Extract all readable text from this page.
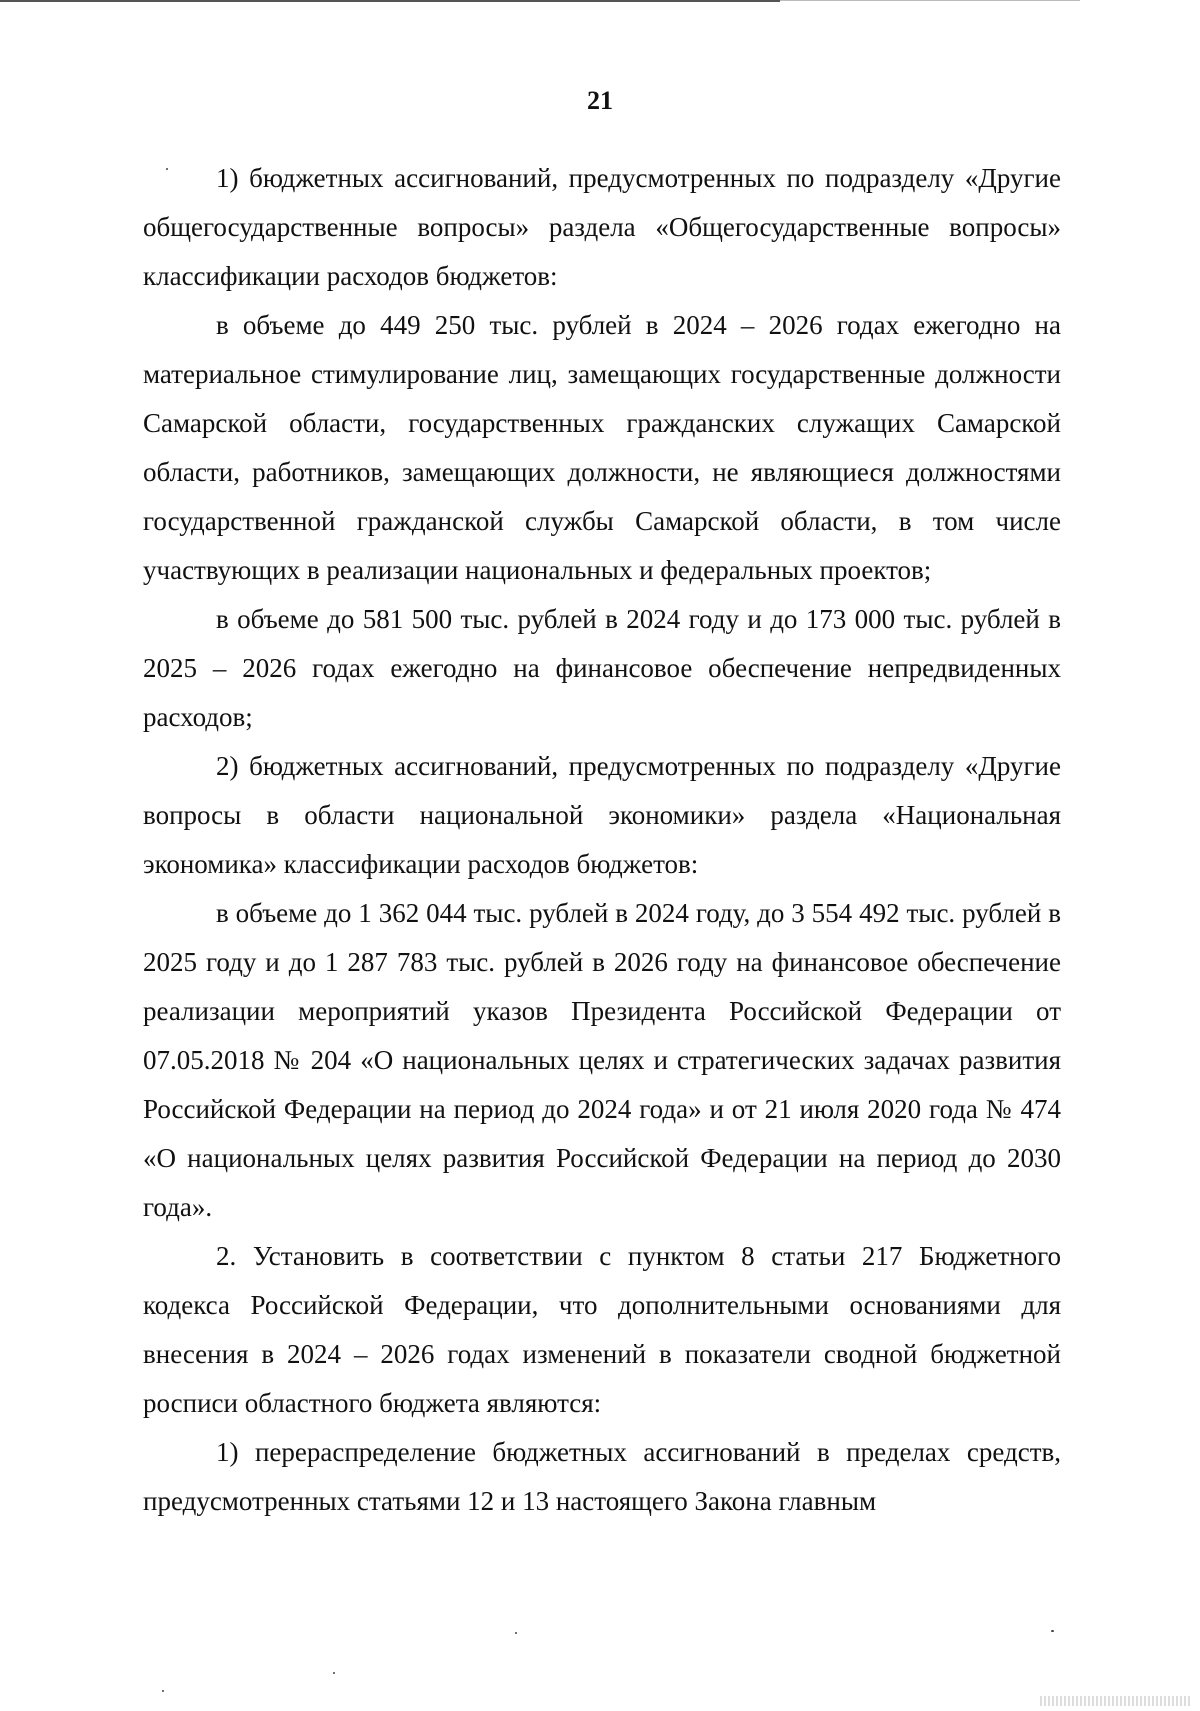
21

1) бюджетных ассигнований, предусмотренных по подразделу «Другие общегосударственные вопросы» раздела «Общегосударственные вопросы» классификации расходов бюджетов:

в объеме до 449 250 тыс. рублей в 2024 – 2026 годах ежегодно на материальное стимулирование лиц, замещающих государственные должности Самарской области, государственных гражданских служащих Самарской области, работников, замещающих должности, не являющиеся должностями государственной гражданской службы Самарской области, в том числе участвующих в реализации национальных и федеральных проектов;

в объеме до 581 500 тыс. рублей в 2024 году и до 173 000 тыс. рублей в 2025 – 2026 годах ежегодно на финансовое обеспечение непредвиденных расходов;

2) бюджетных ассигнований, предусмотренных по подразделу «Другие вопросы в области национальной экономики» раздела «Национальная экономика» классификации расходов бюджетов:

в объеме до 1 362 044 тыс. рублей в 2024 году, до 3 554 492 тыс. рублей в 2025 году и до 1 287 783 тыс. рублей в 2026 году на финансовое обеспечение реализации мероприятий указов Президента Российской Федерации от 07.05.2018 № 204 «О национальных целях и стратегических задачах развития Российской Федерации на период до 2024 года» и от 21 июля 2020 года № 474 «О национальных целях развития Российской Федерации на период до 2030 года».

2. Установить в соответствии с пунктом 8 статьи 217 Бюджетного кодекса Российской Федерации, что дополнительными основаниями для внесения в 2024 – 2026 годах изменений в показатели сводной бюджетной росписи областного бюджета являются:

1) перераспределение бюджетных ассигнований в пределах средств, предусмотренных статьями 12 и 13 настоящего Закона главным
